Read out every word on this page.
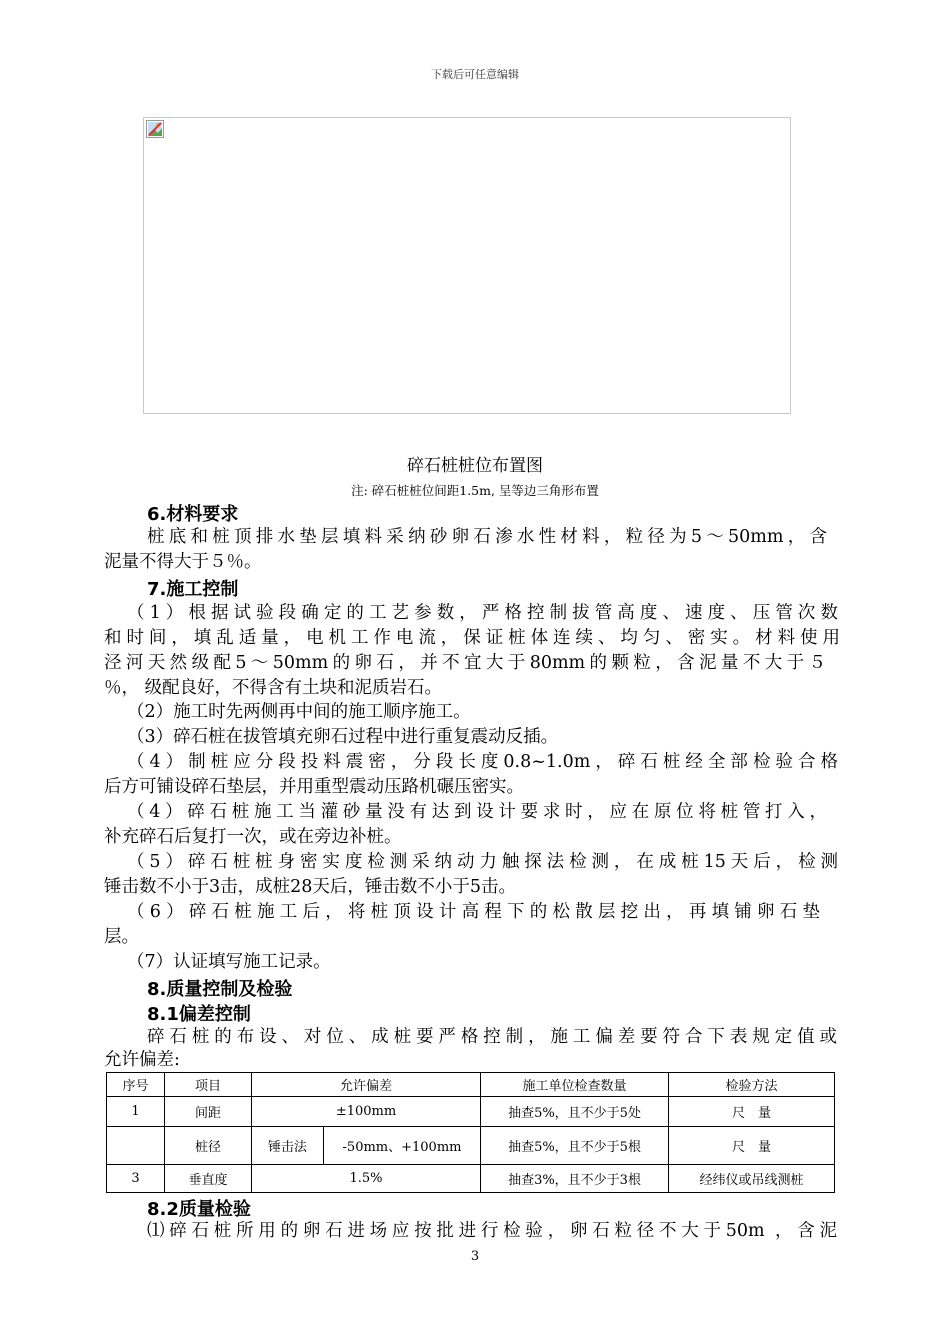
下载后可任意编辑
碎石桩桩位布置图
注: 碎石桩桩位间距1.5m, 呈等边三角形布置
6.材料要求
桩底和桩顶排水垫层填料采纳砂卵石渗水性材料，粒径为5～50mm，含
泥量不得大于５％。
7.施工控制
（1）根据试验段确定的工艺参数，严格控制拔管高度、速度、压管次数
和时间，填乱适量，电机工作电流，保证桩体连续、均匀、密实。材料使用
泾河天然级配5～50mm的卵石，并不宜大于80mm的颗粒，含泥量不大于５
％， 级配良好，不得含有土块和泥质岩石。
（2）施工时先两侧再中间的施工顺序施工。
（3）碎石桩在拔管填充卵石过程中进行重复震动反插。
（4）制桩应分段投料震密，分段长度0.8~1.0m，碎石桩经全部检验合格
后方可铺设碎石垫层，并用重型震动压路机碾压密实。
（4）碎石桩施工当灌砂量没有达到设计要求时，应在原位将桩管打入，
补充碎石后复打一次，或在旁边补桩。
（5）碎石桩桩身密实度检测采纳动力触探法检测，在成桩15天后，检测
锤击数不小于3击，成桩28天后，锤击数不小于5击。
（6）碎石桩施工后，将桩顶设计高程下的松散层挖出，再填铺卵石垫
层。
（7）认证填写施工记录。
8.质量控制及检验
8.1偏差控制
碎石桩的布设、对位、成桩要严格控制，施工偏差要符合下表规定值或
允许偏差:
序号	项目	允许偏差		施工单位检查数量	检验方法
1	间距	±100mm		抽查5%，且不少于5处	尺　量
	桩径	锤击法	-50mm、+100mm	抽查5%，且不少于5根	尺　量
3	垂直度	1.5%		抽查3%，且不少于3根	经纬仪或吊线测桩
8.2质量检验
⑴碎石桩所用的卵石进场应按批进行检验，卵石粒径不大于50m ，含泥
3
